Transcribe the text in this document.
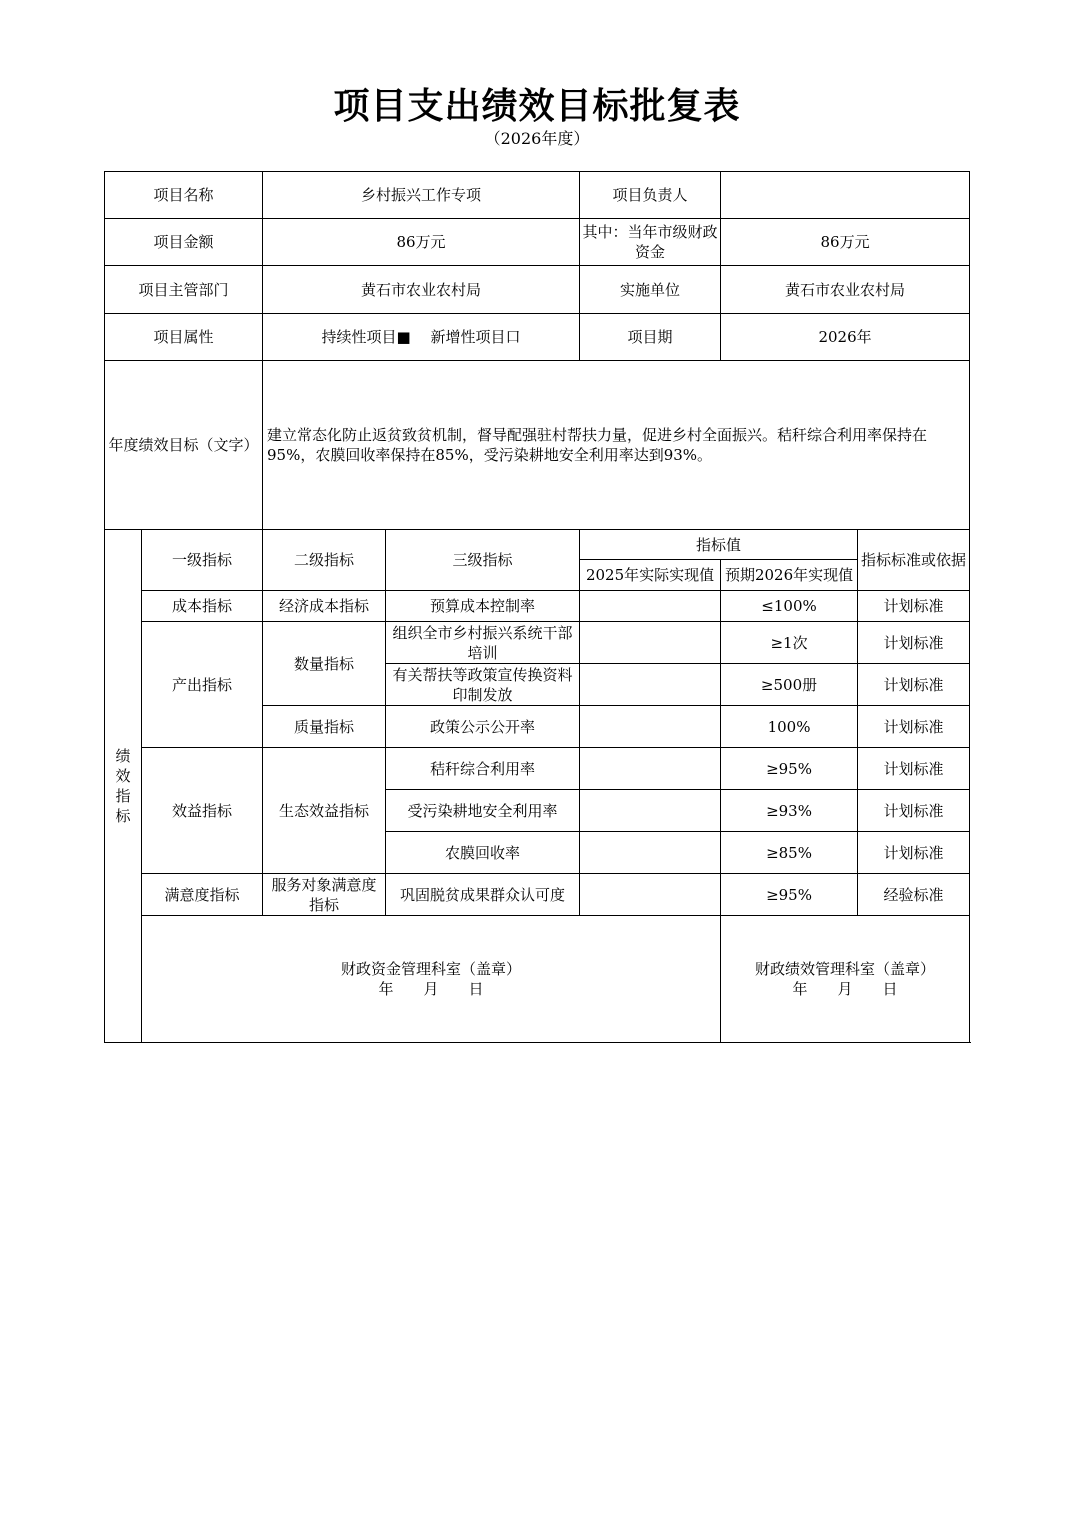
项目支出绩效目标批复表
（2026年度）
项目名称		乡村振兴工作专项		项目负责人		
项目金额		86万元		其中：当年市级财政资金	86万元	
项目主管部门		黄石市农业农村局		实施单位	黄石市农业农村局	
项目属性		持续性项目■　 新增性项目口		项目期	2026年	
年度绩效目标（文字）		建立常态化防止返贫致贫机制，督导配强驻村帮扶力量，促进乡村全面振兴。秸秆综合利用率保持在95%，农膜回收率保持在85%，受污染耕地安全利用率达到93%。				
绩效指标	一级指标	二级指标	三级指标	指标值		指标标准或依据
				2025年实际实现值	预期2026年实现值	
	成本指标	经济成本指标	预算成本控制率		≤100%	计划标准
	产出指标	数量指标	组织全市乡村振兴系统干部培训		≥1次	计划标准
			有关帮扶等政策宣传换资料印制发放		≥500册	计划标准
		质量指标	政策公示公开率		100%	计划标准
	效益指标	生态效益指标	秸秆综合利用率		≥95%	计划标准
			受污染耕地安全利用率		≥93%	计划标准
			农膜回收率		≥85%	计划标准
	满意度指标	服务对象满意度指标	巩固脱贫成果群众认可度		≥95%	经验标准

	财政资金管理科室（盖章）
年　　月　　日				财政绩效管理科室（盖章）
年　　月　　日	
